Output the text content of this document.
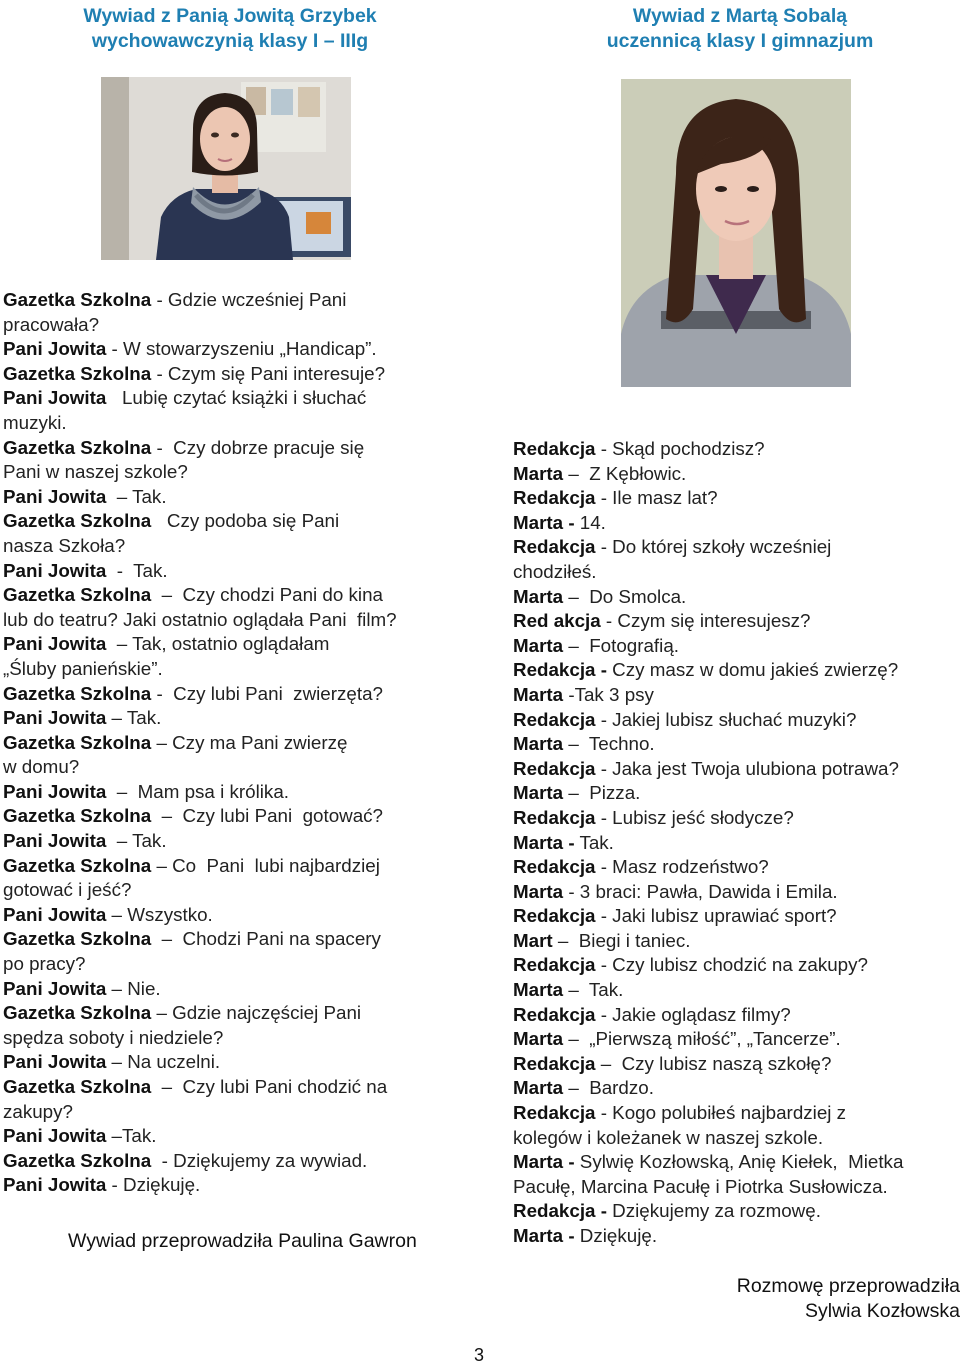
Wywiad z Panią Jowitą Grzybek
wychowawczynią klasy I – IIIg
Wywiad z Martą Sobalą
uczennicą klasy I gimnazjum
Gazetka Szkolna - Gdzie wcześniej Pani
pracowała?
Pani Jowita - W stowarzyszeniu „Handicap”.
Gazetka Szkolna - Czym się Pani interesuje?
Pani Jowita   Lubię czytać książki i słuchać
muzyki.
Gazetka Szkolna -  Czy dobrze pracuje się
Pani w naszej szkole?
Pani Jowita  – Tak.
Gazetka Szkolna   Czy podoba się Pani
nasza Szkoła?
Pani Jowita  -  Tak.
Gazetka Szkolna  –  Czy chodzi Pani do kina
lub do teatru? Jaki ostatnio oglądała Pani  film?
Pani Jowita  – Tak, ostatnio oglądałam
„Śluby panieńskie”.
Gazetka Szkolna -  Czy lubi Pani  zwierzęta?
Pani Jowita – Tak.
Gazetka Szkolna – Czy ma Pani zwierzę
w domu?
Pani Jowita  –  Mam psa i królika.
Gazetka Szkolna  –  Czy lubi Pani  gotować?
Pani Jowita  – Tak.
Gazetka Szkolna – Co  Pani  lubi najbardziej
gotować i jeść?
Pani Jowita – Wszystko.
Gazetka Szkolna  –  Chodzi Pani na spacery
po pracy?
Pani Jowita – Nie.
Gazetka Szkolna – Gdzie najczęściej Pani
spędza soboty i niedziele?
Pani Jowita – Na uczelni.
Gazetka Szkolna  –  Czy lubi Pani chodzić na
zakupy?
Pani Jowita –Tak.
Gazetka Szkolna  - Dziękujemy za wywiad.
Pani Jowita - Dziękuję.
Wywiad przeprowadziła Paulina Gawron
Redakcja - Skąd pochodzisz?
Marta –  Z Kębłowic.
Redakcja - Ile masz lat?
Marta - 14.
Redakcja - Do której szkoły wcześniej
chodziłeś.
Marta –  Do Smolca.
Red akcja - Czym się interesujesz?
Marta –  Fotografią.
Redakcja - Czy masz w domu jakieś zwierzę?
Marta -Tak 3 psy
Redakcja - Jakiej lubisz słuchać muzyki?
Marta –  Techno.
Redakcja - Jaka jest Twoja ulubiona potrawa?
Marta –  Pizza.
Redakcja - Lubisz jeść słodycze?
Marta - Tak.
Redakcja - Masz rodzeństwo?
Marta - 3 braci: Pawła, Dawida i Emila.
Redakcja - Jaki lubisz uprawiać sport?
Mart –  Biegi i taniec.
Redakcja - Czy lubisz chodzić na zakupy?
Marta –  Tak.
Redakcja - Jakie oglądasz filmy?
Marta –  „Pierwszą miłość”, „Tancerze”.
Redakcja –  Czy lubisz naszą szkołę?
Marta –  Bardzo.
Redakcja - Kogo polubiłeś najbardziej z
kolegów i koleżanek w naszej szkole.
Marta - Sylwię Kozłowską, Anię Kiełek,  Mietka
Pacułę, Marcina Pacułę i Piotrka Susłowicza.
Redakcja - Dziękujemy za rozmowę.
Marta - Dziękuję.
Rozmowę przeprowadziła
Sylwia Kozłowska
3
